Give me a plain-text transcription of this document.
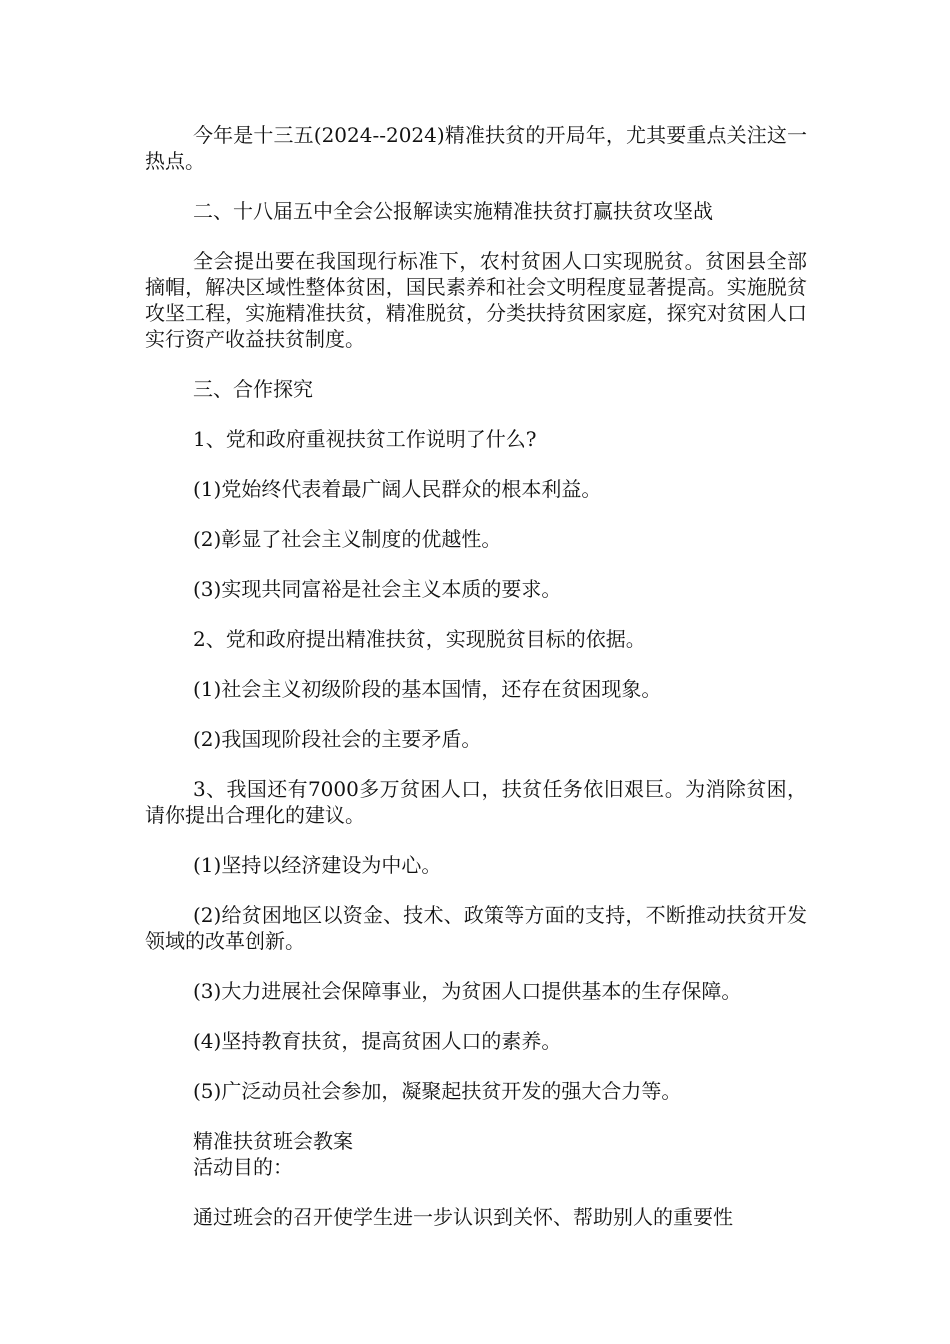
今年是十三五(2024--2024)精准扶贫的开局年，尤其要重点关注这一热点。

二、十八届五中全会公报解读实施精准扶贫打赢扶贫攻坚战

全会提出要在我国现行标准下，农村贫困人口实现脱贫。贫困县全部摘帽，解决区域性整体贫困，国民素养和社会文明程度显著提高。实施脱贫攻坚工程，实施精准扶贫，精准脱贫，分类扶持贫困家庭，探究对贫困人口实行资产收益扶贫制度。

三、合作探究

1、党和政府重视扶贫工作说明了什么?

(1)党始终代表着最广阔人民群众的根本利益。

(2)彰显了社会主义制度的优越性。

(3)实现共同富裕是社会主义本质的要求。

2、党和政府提出精准扶贫，实现脱贫目标的依据。

(1)社会主义初级阶段的基本国情，还存在贫困现象。

(2)我国现阶段社会的主要矛盾。

3、我国还有7000多万贫困人口，扶贫任务依旧艰巨。为消除贫困，请你提出合理化的建议。

(1)坚持以经济建设为中心。

(2)给贫困地区以资金、技术、政策等方面的支持，不断推动扶贫开发领域的改革创新。

(3)大力进展社会保障事业，为贫困人口提供基本的生存保障。

(4)坚持教育扶贫，提高贫困人口的素养。

(5)广泛动员社会参加，凝聚起扶贫开发的强大合力等。

精准扶贫班会教案

活动目的：

通过班会的召开使学生进一步认识到关怀、帮助别人的重要性
